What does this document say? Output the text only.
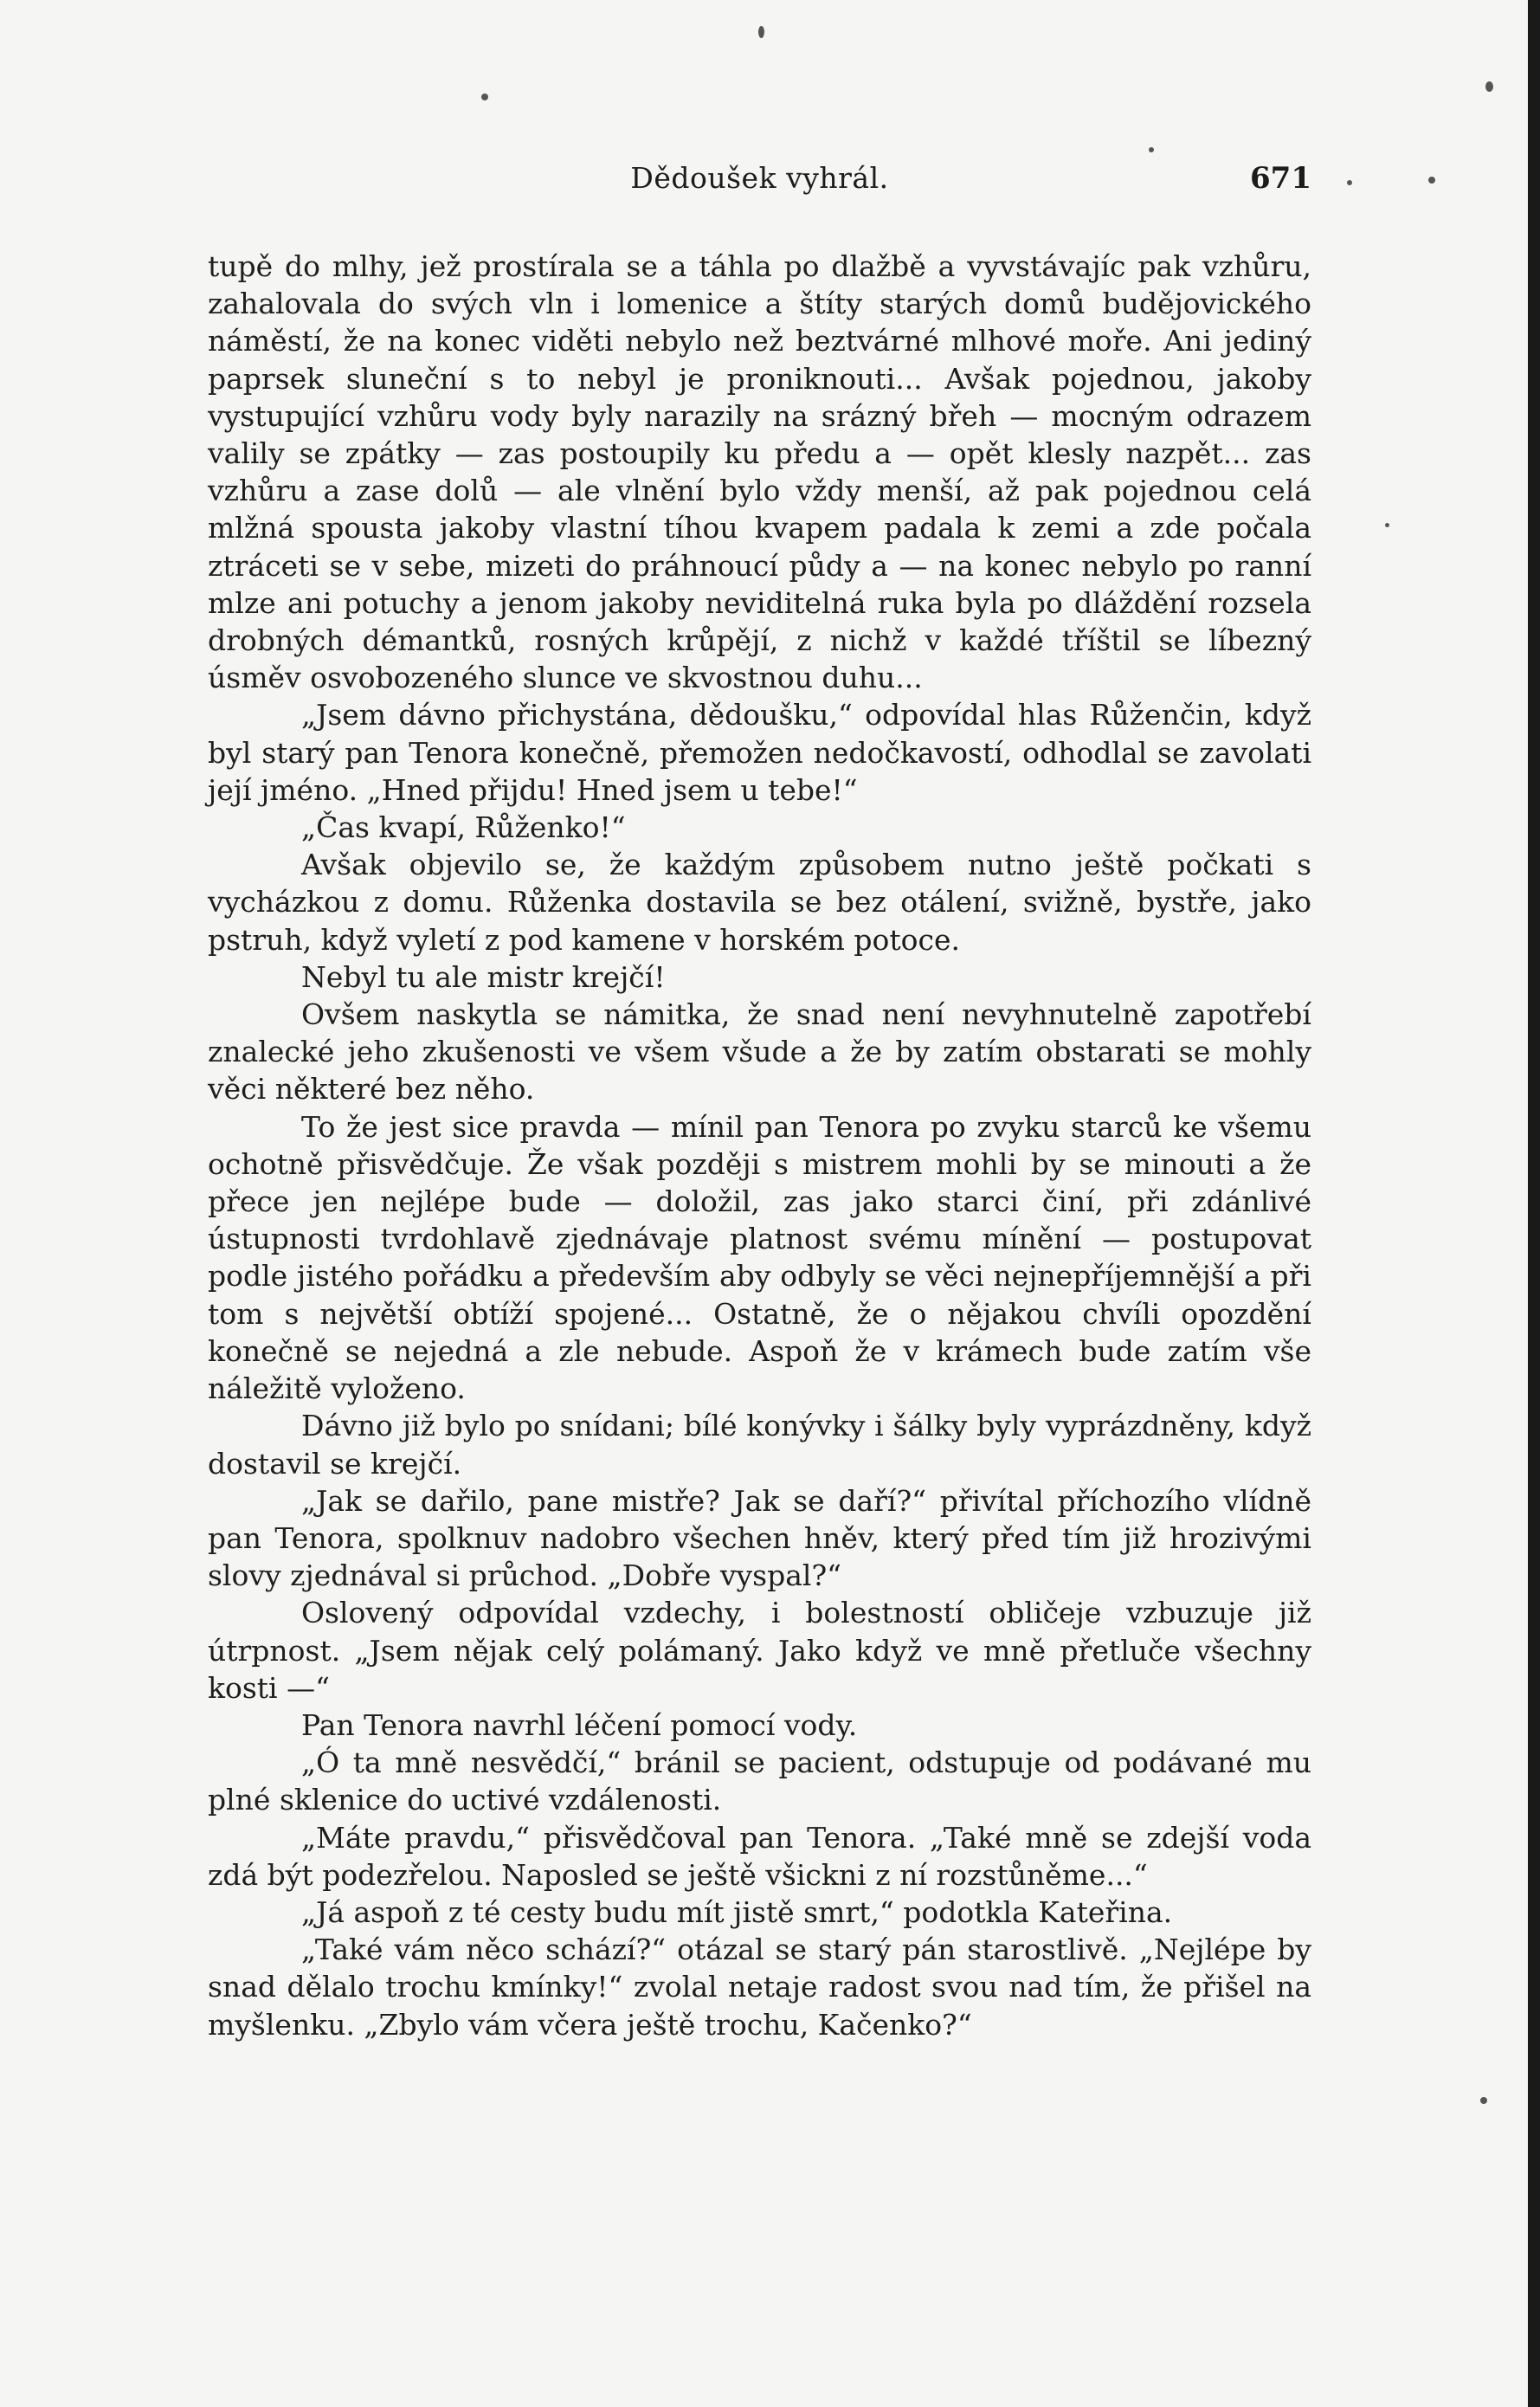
Dědoušek vyhrál.	671

tupě do mlhy, jež prostírala se a táhla po dlažbě a vyvstávajíc pak vzhůru, zahalovala do svých vln i lomenice a štíty starých domů budějovického náměstí, že na konec viděti nebylo než beztvárné mlhové moře. Ani jediný paprsek sluneční s to nebyl je proniknouti... Avšak pojednou, jakoby vystupující vzhůru vody byly narazily na srázný břeh — mocným odrazem valily se zpátky — zas postoupily ku předu a — opět klesly nazpět... zas vzhůru a zase dolů — ale vlnění bylo vždy menší, až pak pojednou celá mlžná spousta jakoby vlastní tíhou kvapem padala k zemi a zde počala ztráceti se v sebe, mizeti do práhnoucí půdy a — na konec nebylo po ranní mlze ani potuchy a jenom jakoby neviditelná ruka byla po dláždění rozsela drobných démantků, rosných krůpějí, z nichž v každé tříštil se líbezný úsměv osvobozeného slunce ve skvostnou duhu...

„Jsem dávno přichystána, dědoušku,“ odpovídal hlas Růženčin, když byl starý pan Tenora konečně, přemožen nedočkavostí, odhodlal se zavolati její jméno. „Hned přijdu! Hned jsem u tebe!“

„Čas kvapí, Růženko!“

Avšak objevilo se, že každým způsobem nutno ještě počkati s vycházkou z domu. Růženka dostavila se bez otálení, svižně, bystře, jako pstruh, když vyletí z pod kamene v horském potoce.

Nebyl tu ale mistr krejčí!

Ovšem naskytla se námitka, že snad není nevyhnutelně zapotřebí znalecké jeho zkušenosti ve všem všude a že by zatím obstarati se mohly věci některé bez něho.

To že jest sice pravda — mínil pan Tenora po zvyku starců ke všemu ochotně přisvědčuje. Že však později s mistrem mohli by se minouti a že přece jen nejlépe bude — doložil, zas jako starci činí, při zdánlivé ústupnosti tvrdohlavě zjednávaje platnost svému mínění — postupovat podle jistého pořádku a především aby odbyly se věci nejnepříjemnější a při tom s největší obtíží spojené... Ostatně, že o nějakou chvíli opozdění konečně se nejedná a zle nebude. Aspoň že v krámech bude zatím vše náležitě vyloženo.

Dávno již bylo po snídani; bílé konývky i šálky byly vyprázdněny, když dostavil se krejčí.

„Jak se dařilo, pane mistře? Jak se daří?“ přivítal příchozího vlídně pan Tenora, spolknuv nadobro všechen hněv, který před tím již hrozivými slovy zjednával si průchod. „Dobře vyspal?“

Oslovený odpovídal vzdechy, i bolestností obličeje vzbuzuje již útrpnost. „Jsem nějak celý polámaný. Jako když ve mně přetluče všechny kosti —“

Pan Tenora navrhl léčení pomocí vody.

„Ó ta mně nesvědčí,“ bránil se pacient, odstupuje od podávané mu plné sklenice do uctivé vzdálenosti.

„Máte pravdu,“ přisvědčoval pan Tenora. „Také mně se zdejší voda zdá být podezřelou. Naposled se ještě všickni z ní rozstůněme...“

„Já aspoň z té cesty budu mít jistě smrt,“ podotkla Kateřina.

„Také vám něco schází?“ otázal se starý pán starostlivě. „Nejlépe by snad dělalo trochu kmínky!“ zvolal netaje radost svou nad tím, že přišel na myšlenku. „Zbylo vám včera ještě trochu, Kačenko?“
